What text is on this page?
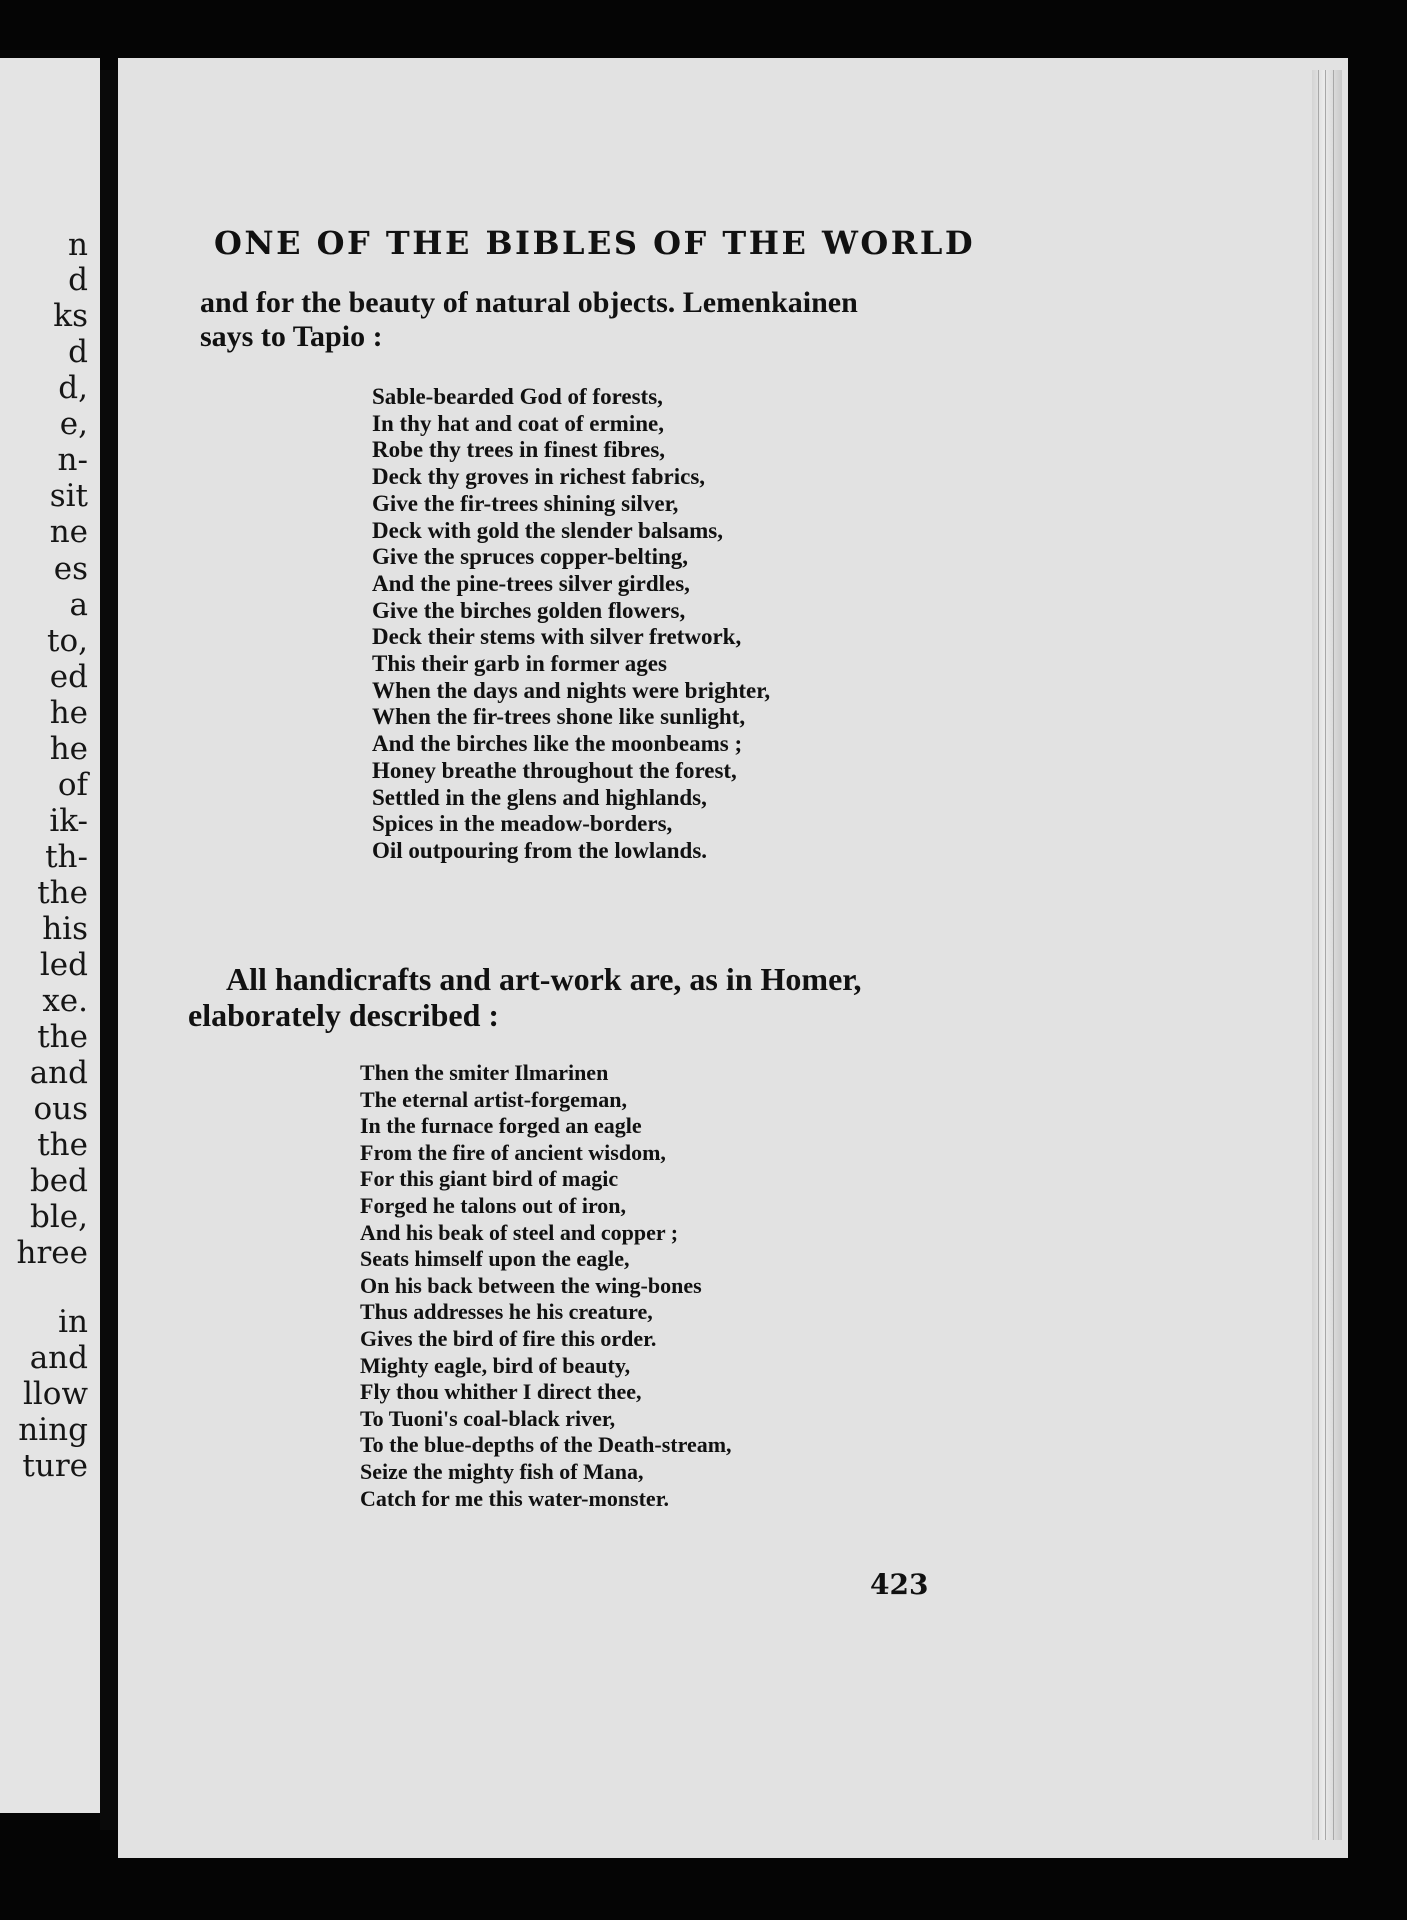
n
d
ks
d
d,
e,
n-
sit
ne
es
a
to,
ed
he
he
of
ik-
th-
the
his
led
xe.
the
and
ous
the
bed
ble,
hree
in
and
llow
ning
ture
ONE OF THE BIBLES OF THE WORLD
and for the beauty of natural objects. Lemenkainen
says to Tapio :
Sable-bearded God of forests,
In thy hat and coat of ermine,
Robe thy trees in finest fibres,
Deck thy groves in richest fabrics,
Give the fir-trees shining silver,
Deck with gold the slender balsams,
Give the spruces copper-belting,
And the pine-trees silver girdles,
Give the birches golden flowers,
Deck their stems with silver fretwork,
This their garb in former ages
When the days and nights were brighter,
When the fir-trees shone like sunlight,
And the birches like the moonbeams ;
Honey breathe throughout the forest,
Settled in the glens and highlands,
Spices in the meadow-borders,
Oil outpouring from the lowlands.
All handicrafts and art-work are, as in Homer,
elaborately described :
Then the smiter Ilmarinen
The eternal artist-forgeman,
In the furnace forged an eagle
From the fire of ancient wisdom,
For this giant bird of magic
Forged he talons out of iron,
And his beak of steel and copper ;
Seats himself upon the eagle,
On his back between the wing-bones
Thus addresses he his creature,
Gives the bird of fire this order.
Mighty eagle, bird of beauty,
Fly thou whither I direct thee,
To Tuoni's coal-black river,
To the blue-depths of the Death-stream,
Seize the mighty fish of Mana,
Catch for me this water-monster.
423
